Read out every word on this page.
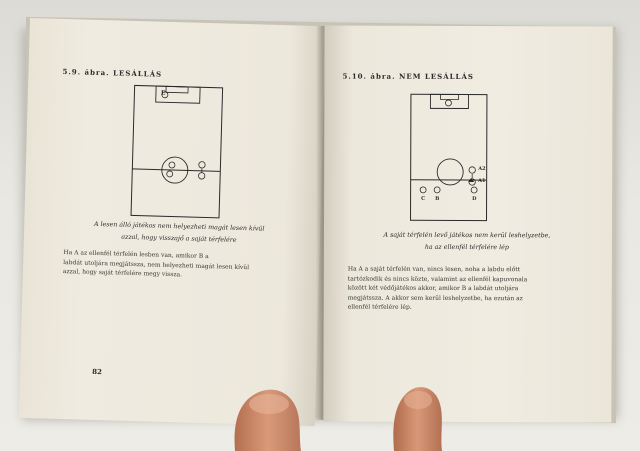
5.9. ábra. LESÁLLÁS
E
A lesen álló játékos nem helyezheti magát lesen kívül
azzal, hogy visszajő a saját térfelére
Ha A az ellenfél térfelén lesben van, amikor B a
labdát utoljára megjátssza, nem helyezheti magát lesen kívül
azzal, hogy saját térfelére megy vissza.
82
5.10. ábra. NEM LESÁLLÁS
A2
A1
C B	D
A saját térfelén levő játékos nem kerül leshelyzetbe,
ha az ellenfél térfelére lép
Ha A a saját térfelén van, nincs lesen, noha a labdu előtt
tartózkodik és nincs közte, valamint az ellenfél kapuvonala
között két védőjátékos akkor, amikor B a labdát utoljára
megjátssza. A akkor sem kerül leshelyzetbe, ha ezután az
ellenfél térfelére lép.
